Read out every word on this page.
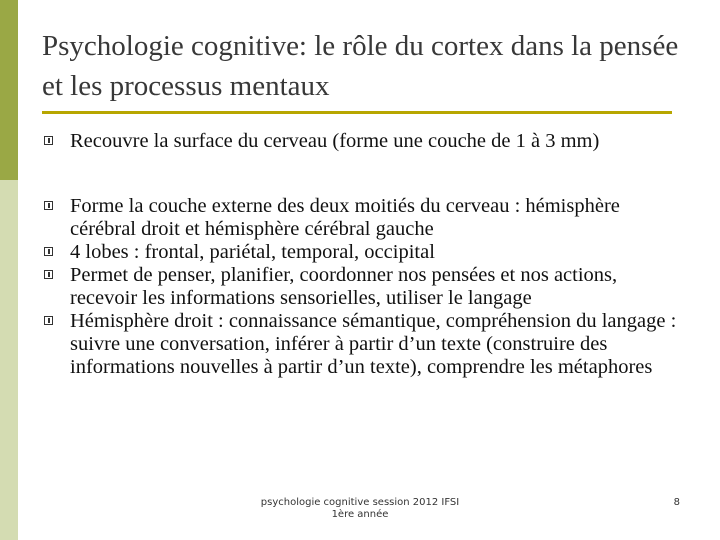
Psychologie cognitive: le rôle du cortex dans la pensée et les processus mentaux
Recouvre la surface du cerveau (forme une couche de 1 à 3 mm)
Forme la couche externe des deux moitiés du cerveau : hémisphère cérébral droit et hémisphère cérébral gauche
4 lobes : frontal, pariétal, temporal, occipital
Permet de penser, planifier, coordonner nos pensées et nos actions, recevoir les informations sensorielles, utiliser le langage
Hémisphère droit : connaissance sémantique, compréhension du langage : suivre une conversation, inférer à partir d’un texte (construire des informations nouvelles à partir d’un texte), comprendre les métaphores
psychologie cognitive session 2012 IFSI
1ère année
8
